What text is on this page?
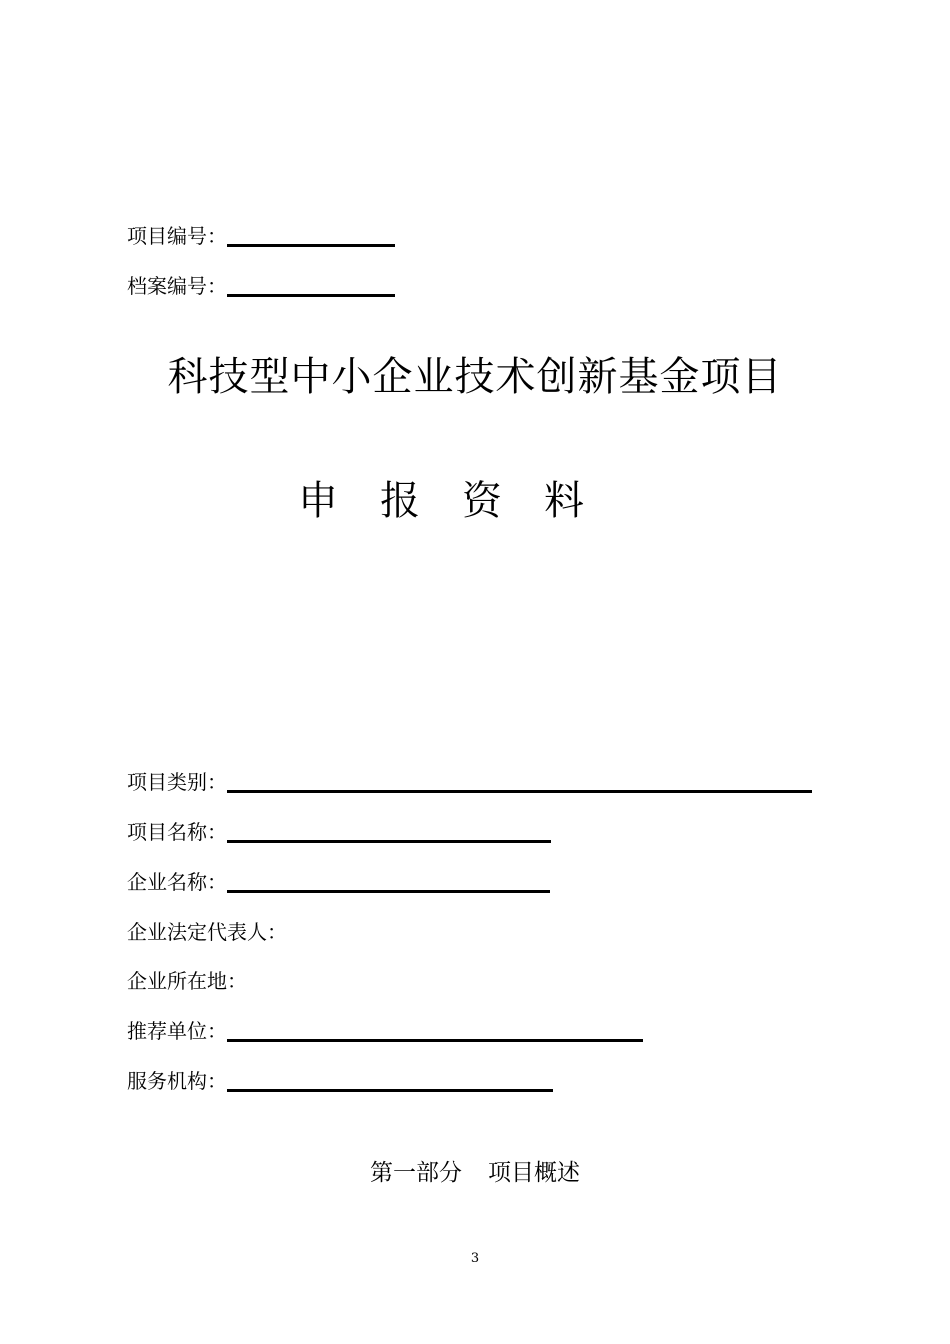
项目编号：
档案编号：
科技型中小企业技术创新基金项目
申 报 资 料
项目类别：
项目名称：
企业名称：
企业法定代表人：
企业所在地：
推荐单位：
服务机构：
第一部分 项目概述
3
